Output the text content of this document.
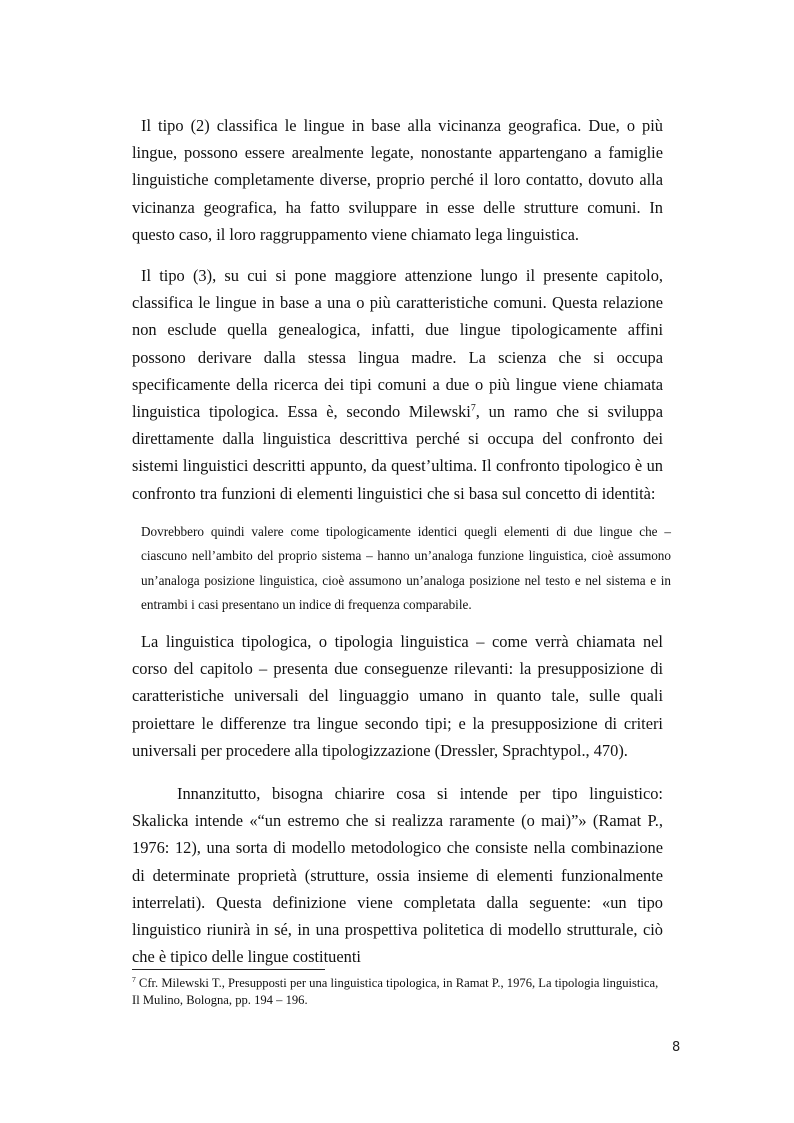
Il tipo (2) classifica le lingue in base alla vicinanza geografica. Due, o più lingue, possono essere arealmente legate, nonostante appartengano a famiglie linguistiche completamente diverse, proprio perché il loro contatto, dovuto alla vicinanza geografica, ha fatto sviluppare in esse delle strutture comuni. In questo caso, il loro raggruppamento viene chiamato lega linguistica.

Il tipo (3), su cui si pone maggiore attenzione lungo il presente capitolo, classifica le lingue in base a una o più caratteristiche comuni. Questa relazione non esclude quella genealogica, infatti, due lingue tipologicamente affini possono derivare dalla stessa lingua madre. La scienza che si occupa specificamente della ricerca dei tipi comuni a due o più lingue viene chiamata linguistica tipologica. Essa è, secondo Milewski$^7$, un ramo che si sviluppa direttamente dalla linguistica descrittiva perché si occupa del confronto dei sistemi linguistici descritti appunto, da quest’ultima. Il confronto tipologico è un confronto tra funzioni di elementi linguistici che si basa sul concetto di identità:

Dovrebbero quindi valere come tipologicamente identici quegli elementi di due lingue che – ciascuno nell’ambito del proprio sistema – hanno un’analoga funzione linguistica, cioè assumono un’analoga posizione linguistica, cioè assumono un’analoga posizione nel testo e nel sistema e in entrambi i casi presentano un indice di frequenza comparabile.

La linguistica tipologica, o tipologia linguistica – come verrà chiamata nel corso del capitolo – presenta due conseguenze rilevanti: la presupposizione di caratteristiche universali del linguaggio umano in quanto tale, sulle quali proiettare le differenze tra lingue secondo tipi; e la presupposizione di criteri universali per procedere alla tipologizzazione (Dressler, Sprachtypol., 470).

Innanzitutto, bisogna chiarire cosa si intende per tipo linguistico: Skalicka intende «“un estremo che si realizza raramente (o mai)”» (Ramat P., 1976: 12), una sorta di modello metodologico che consiste nella combinazione di determinate proprietà (strutture, ossia insieme di elementi funzionalmente interrelati). Questa definizione viene completata dalla seguente: «un tipo linguistico riunirà in sé, in una prospettiva politetica di modello strutturale, ciò che è tipico delle lingue costituenti

$^7$ Cfr. Milewski T., Presupposti per una linguistica tipologica, in Ramat P., 1976, La tipologia linguistica, Il Mulino, Bologna, pp. 194 – 196.

8
